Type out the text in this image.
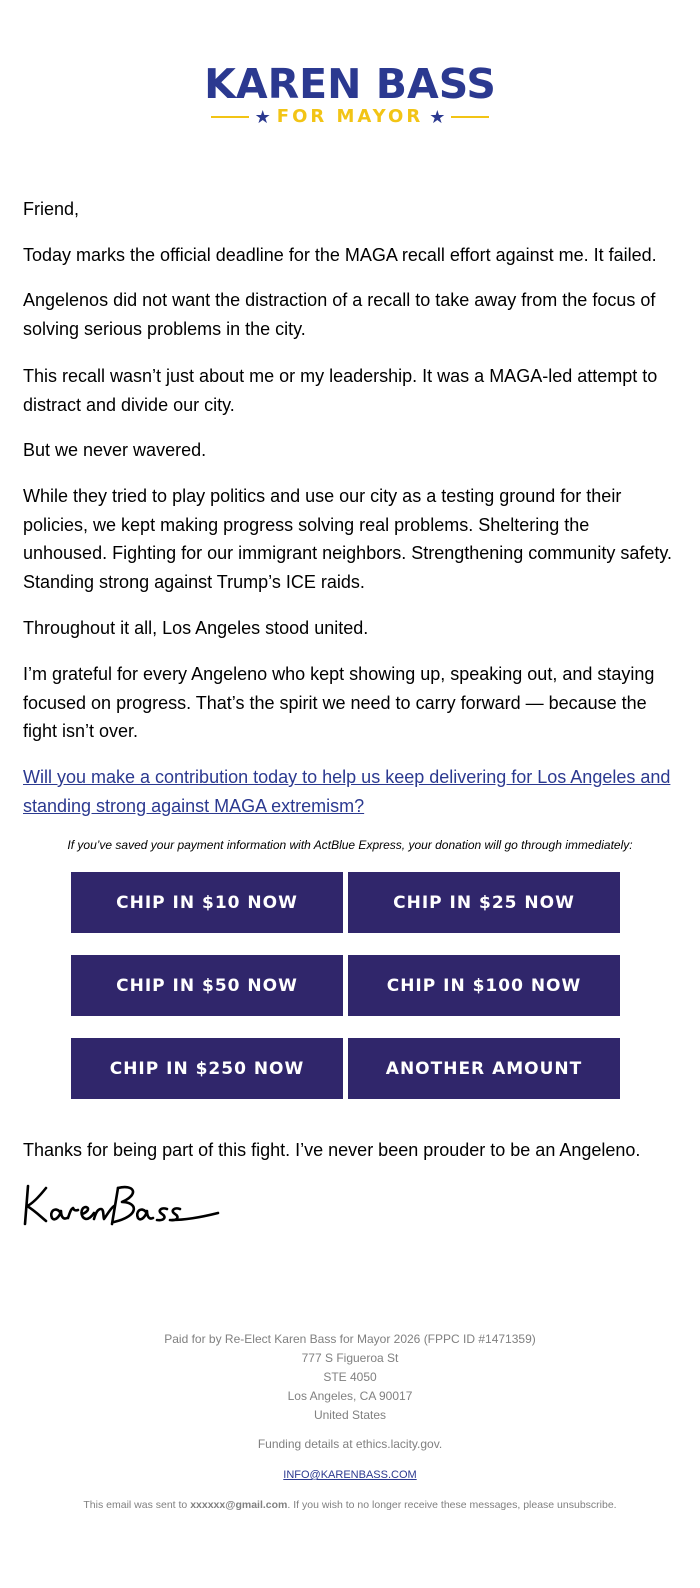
KAREN BASS
★ FOR MAYOR ★

Friend,

Today marks the official deadline for the MAGA recall effort against me. It failed.

Angelenos did not want the distraction of a recall to take away from the focus of solving serious problems in the city.

This recall wasn’t just about me or my leadership. It was a MAGA-led attempt to distract and divide our city.

But we never wavered.

While they tried to play politics and use our city as a testing ground for their policies, we kept making progress solving real problems. Sheltering the unhoused. Fighting for our immigrant neighbors. Strengthening community safety. Standing strong against Trump’s ICE raids.

Throughout it all, Los Angeles stood united.

I’m grateful for every Angeleno who kept showing up, speaking out, and staying focused on progress. That’s the spirit we need to carry forward — because the fight isn’t over.

Will you make a contribution today to help us keep delivering for Los Angeles and standing strong against MAGA extremism?

If you’ve saved your payment information with ActBlue Express, your donation will go through immediately:
CHIP IN $10 NOW	CHIP IN $25 NOW
CHIP IN $50 NOW	CHIP IN $100 NOW
CHIP IN $250 NOW	ANOTHER AMOUNT

Thanks for being part of this fight. I’ve never been prouder to be an Angeleno.

Paid for by Re-Elect Karen Bass for Mayor 2026 (FPPC ID #1471359)
777 S Figueroa St
STE 4050
Los Angeles, CA 90017
United States
Funding details at ethics.lacity.gov.
INFO@KARENBASS.COM
This email was sent to xxxxxx@gmail.com. If you wish to no longer receive these messages, please unsubscribe.
